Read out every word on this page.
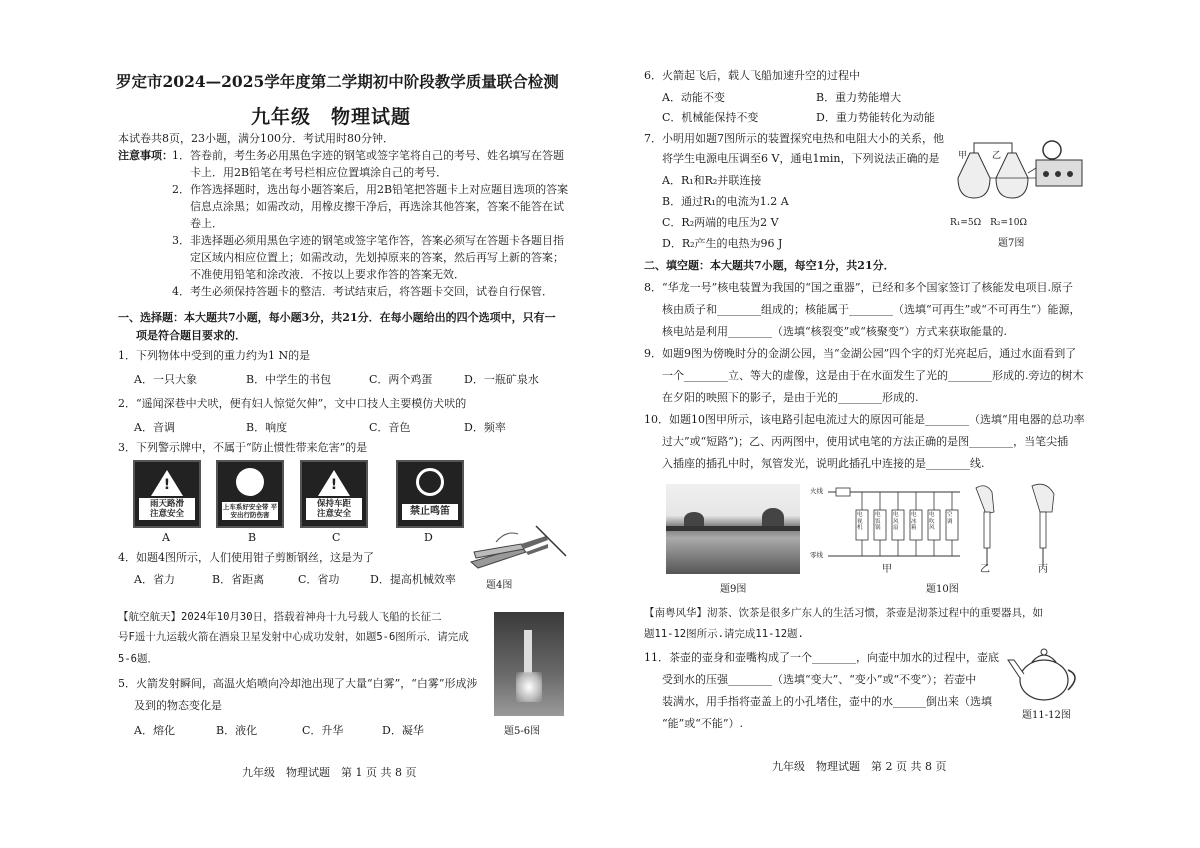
罗定市2024—2025学年度第二学期初中阶段教学质量联合检测
九年级　物理试题
本试卷共8页，23小题，满分100分．考试用时80分钟．
注意事项： 1．答卷前，考生务必用黑色字迹的钢笔或签字笔将自己的考号、姓名填写在答题
卡上．用2B铅笔在考号栏相应位置填涂自己的考号．
2．作答选择题时，选出每小题答案后，用2B铅笔把答题卡上对应题目选项的答案
信息点涂黑；如需改动，用橡皮擦干净后，再选涂其他答案，答案不能答在试
卷上．
3．非选择题必须用黑色字迹的钢笔或签字笔作答，答案必须写在答题卡各题目指
定区域内相应位置上；如需改动，先划掉原来的答案，然后再写上新的答案；
不准使用铅笔和涂改液．不按以上要求作答的答案无效．
4．考生必须保持答题卡的整洁．考试结束后，将答题卡交回，试卷自行保管．
一、选择题：本大题共7小题，每小题3分，共21分．在每小题给出的四个选项中，只有一
项是符合题目要求的．
1．下列物体中受到的重力约为1 N的是
A．一只大象	B．中学生的书包	C．两个鸡蛋	D．一瓶矿泉水
2．“遥闻深巷中犬吠，便有妇人惊觉欠伸”，文中口技人主要模仿犬吠的
A．音调	B．响度	C．音色	D．频率
3．下列警示牌中，不属于“防止惯性带来危害”的是
!
雨天路滑
注意安全
A
上车系好安全带 平安出行防伤害
B
!
保持车距
注意安全
C
禁止鸣笛
D
4．如题4图所示，人们使用钳子剪断钢丝，这是为了
A．省力	B．省距离	C．省功	D．提高机械效率	题4图
【航空航天】2024年10月30日，搭载着神舟十九号载人飞船的长征二
号F遥十九运载火箭在酒泉卫星发射中心成功发射，如题5-6图所示．请完成
5-6题．
题5-6图
5．火箭发射瞬间，高温火焰喷向冷却池出现了大量“白雾”，“白雾”形成涉
及到的物态变化是
A．熔化	B．液化	C．升华	D．凝华
九年级　物理试题　第 1 页 共 8 页
6．火箭起飞后，载人飞船加速升空的过程中
A．动能不变	B．重力势能增大
C．机械能保持不变	D．重力势能转化为动能
7．小明用如题7图所示的装置探究电热和电阻大小的关系，他
将学生电源电压调至6 V，通电1min，下列说法正确的是
A．R₁和R₂并联连接
B．通过R₁的电流为1.2 A
C．R₂两端的电压为2 V
D．R₂产生的电热为96 J
甲	乙
R₁=5Ω　R₂=10Ω
题7图
二、填空题：本大题共7小题，每空1分，共21分．
8．“华龙一号”核电装置为我国的“国之重器”，已经和多个国家签订了核能发电项目.原子
核由质子和________组成的；核能属于________（选填“可再生”或“不可再生”）能源，
核电站是利用________（选填“核裂变”或“核聚变”）方式来获取能量的.
9．如题9图为傍晚时分的金湖公园，当“金湖公园”四个字的灯光亮起后，通过水面看到了
一个________立、等大的虚像，这是由于在水面发生了光的________形成的.旁边的树木
在夕阳的映照下的影子，是由于光的________形成的.
10．如题10图甲所示，该电路引起电流过大的原因可能是________（选填“用电器的总功率
过大”或“短路”)；乙、丙两图中，使用试电笔的方法正确的是图________，当笔尖插
入插座的插孔中时，氖管发光，说明此插孔中连接的是________线.
题9图
火线
零线
电视机
电饭锅
电风扇
电冰箱
电吹风
空调
甲	乙	丙
题10图
【南粤风华】沏茶、饮茶是很多广东人的生活习惯，茶壶是沏茶过程中的重要器具，如
题11-12图所示.请完成11-12题.
11．茶壶的壶身和壶嘴构成了一个________，向壶中加水的过程中，壶底
受到水的压强________（选填“变大”、“变小”或“不变”）；若壶中
装满水，用手指将壶盖上的小孔堵住，壶中的水______倒出来（选填
“能”或“不能”）.
题11-12图
九年级　物理试题　第 2 页 共 8 页
